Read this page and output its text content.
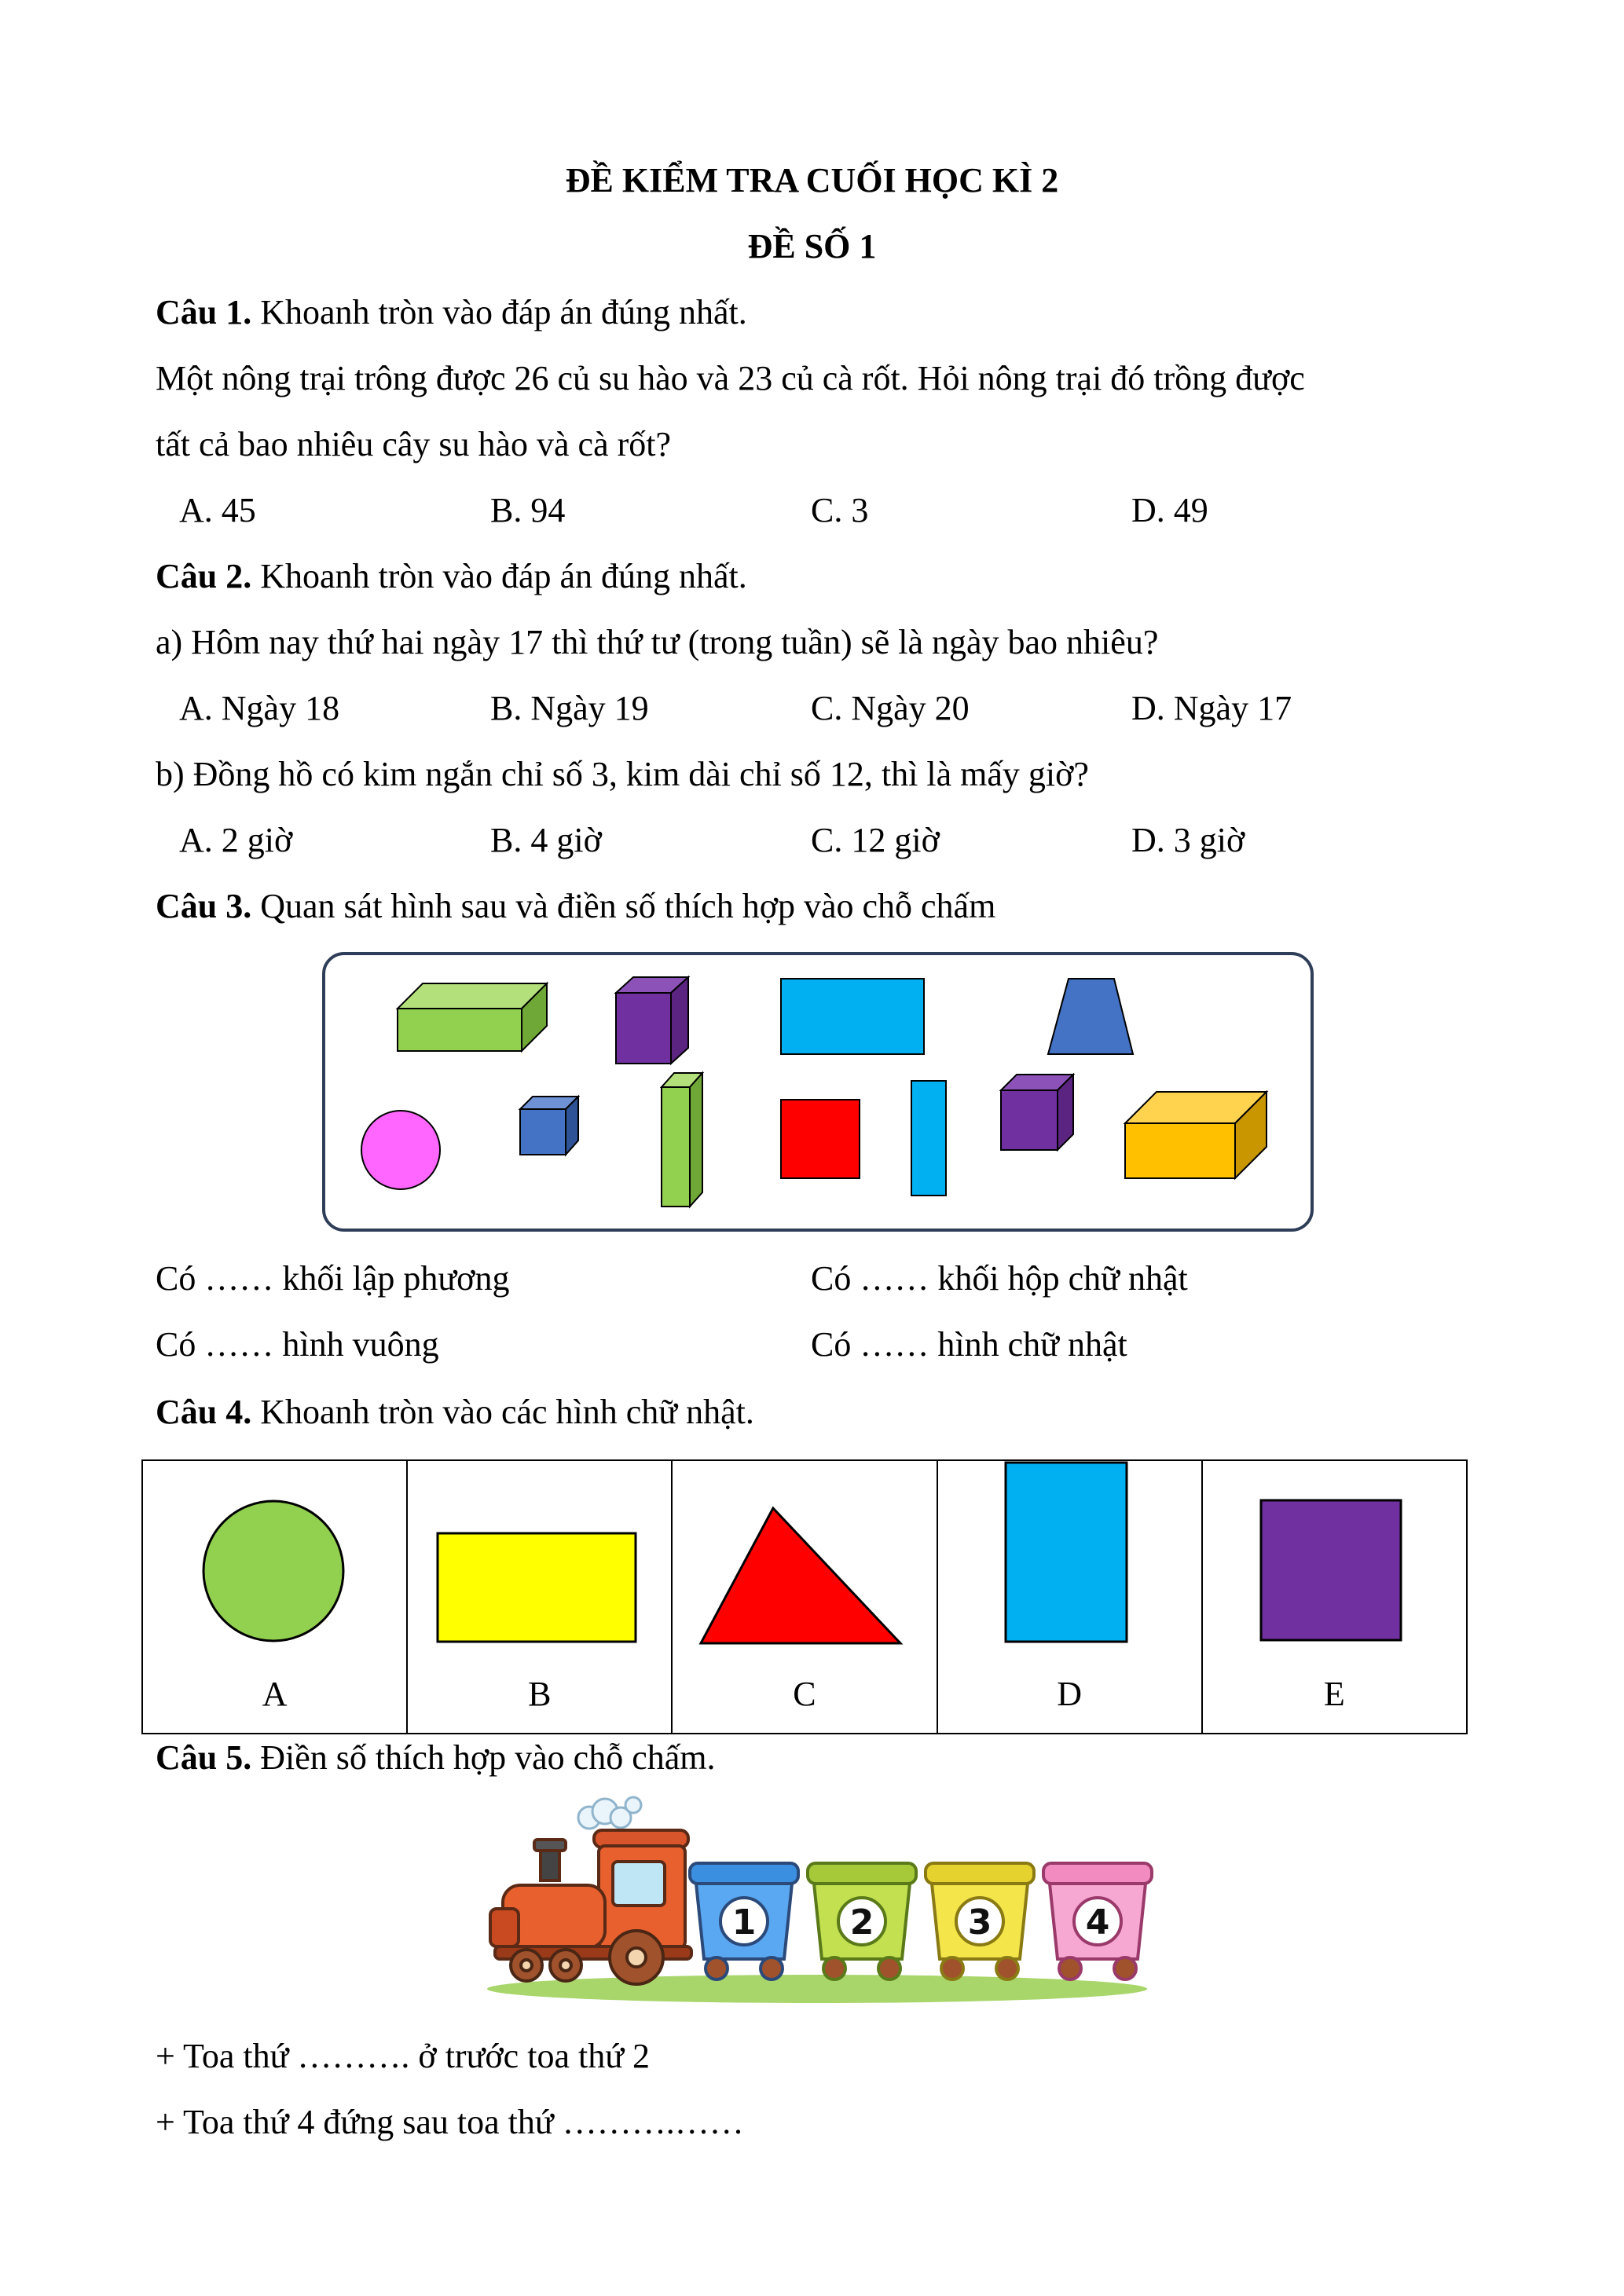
ĐỀ KIỂM TRA CUỐI HỌC KÌ 2
ĐỀ SỐ 1
Câu 1. Khoanh tròn vào đáp án đúng nhất.
Một nông trại trông được 26 củ su hào và 23 củ cà rốt. Hỏi nông trại đó trồng được
tất cả bao nhiêu cây su hào và cà rốt?
A. 45	B. 94	C. 3	D. 49
Câu 2. Khoanh tròn vào đáp án đúng nhất.
a) Hôm nay thứ hai ngày 17 thì thứ tư (trong tuần) sẽ là ngày bao nhiêu?
A. Ngày 18	B. Ngày 19	C. Ngày 20	D. Ngày 17
b) Đồng hồ có kim ngắn chỉ số 3, kim dài chỉ số 12, thì là mấy giờ?
A. 2 giờ	B. 4 giờ	C. 12 giờ	D. 3 giờ
Câu 3. Quan sát hình sau và điền số thích hợp vào chỗ chấm
Có …… khối lập phương	Có …… khối hộp chữ nhật
Có …… hình vuông	Có …… hình chữ nhật
Câu 4. Khoanh tròn vào các hình chữ nhật.
A	B	C	D	E
Câu 5. Điền số thích hợp vào chỗ chấm.
1	2	3	4
+ Toa thứ ………. ở trước toa thứ 2
+ Toa thứ 4 đứng sau toa thứ ……….……
